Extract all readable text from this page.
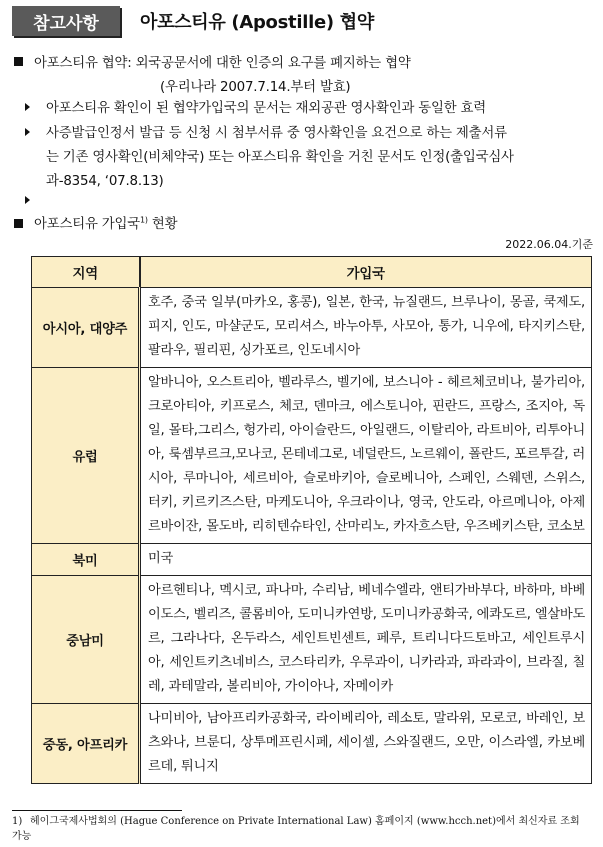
참고사항	아포스티유 (Apostille) 협약
아포스티유 협약: 외국공문서에 대한 인증의 요구를 폐지하는 협약
(우리나라 2007.7.14.부터 발효)
아포스티유 확인이 된 협약가입국의 문서는 재외공관 영사확인과 동일한 효력
사증발급인정서 발급 등 신청 시 첨부서류 중 영사확인을 요건으로 하는 제출서류
는 기존 영사확인(비체약국) 또는 아포스티유 확인을 거친 문서도 인정(출입국심사
과-8354, ‘07.8.13)
아포스티유 가입국$^{1)}$ 현황
2022.06.04.기준
지역	가입국
아시아, 대양주	호주, 중국 일부(마카오, 홍콩), 일본, 한국, 뉴질랜드, 브루나이, 몽골, 쿡제도, 피지, 인도, 마샬군도, 모리셔스, 바누아투, 사모아, 통가, 니우에, 타지키스탄, 팔라우, 필리핀, 싱가포르, 인도네시아
유럽	알바니아, 오스트리아, 벨라루스, 벨기에, 보스니아 - 헤르체코비나, 불가리아, 크로아티아, 키프로스, 체코, 덴마크, 에스토니아, 핀란드, 프랑스, 조지아, 독일, 몰타,그리스, 헝가리, 아이슬란드, 아일랜드, 이탈리아, 라트비아, 리투아니아, 룩셈부르크,모나코, 몬테네그로, 네덜란드, 노르웨이, 폴란드, 포르투갈, 러시아, 루마니아, 세르비아, 슬로바키아, 슬로베니아, 스페인, 스웨덴, 스위스, 터키, 키르키즈스탄, 마케도니아, 우크라이나, 영국, 안도라, 아르메니아, 아제르바이잔, 몰도바, 리히텐슈타인, 산마리노, 카자흐스탄, 우즈베키스탄, 코소보
북미	미국
중남미	아르헨티나, 멕시코, 파나마, 수리남, 베네수엘라, 앤티가바부다, 바하마, 바베이도스, 벨리즈, 콜롬비아, 도미니카연방, 도미니카공화국, 에콰도르, 엘살바도르, 그라나다, 온두라스, 세인트빈센트, 페루, 트리니다드토바고, 세인트루시아, 세인트키츠네비스, 코스타리카, 우루과이, 니카라과, 파라과이, 브라질, 칠레, 과테말라, 볼리비아, 가이아나, 자메이카
중동, 아프리카	나미비아, 남아프리카공화국, 라이베리아, 레소토, 말라위, 모로코, 바레인, 보츠와나, 브룬디, 상투메프린시페, 세이셀, 스와질랜드, 오만, 이스라엘, 카보베르데, 튀니지
1) 헤이그국제사법회의 (Hague Conference on Private International Law) 홈페이지 (www.hcch.net)에서 최신자료 조회 가능
